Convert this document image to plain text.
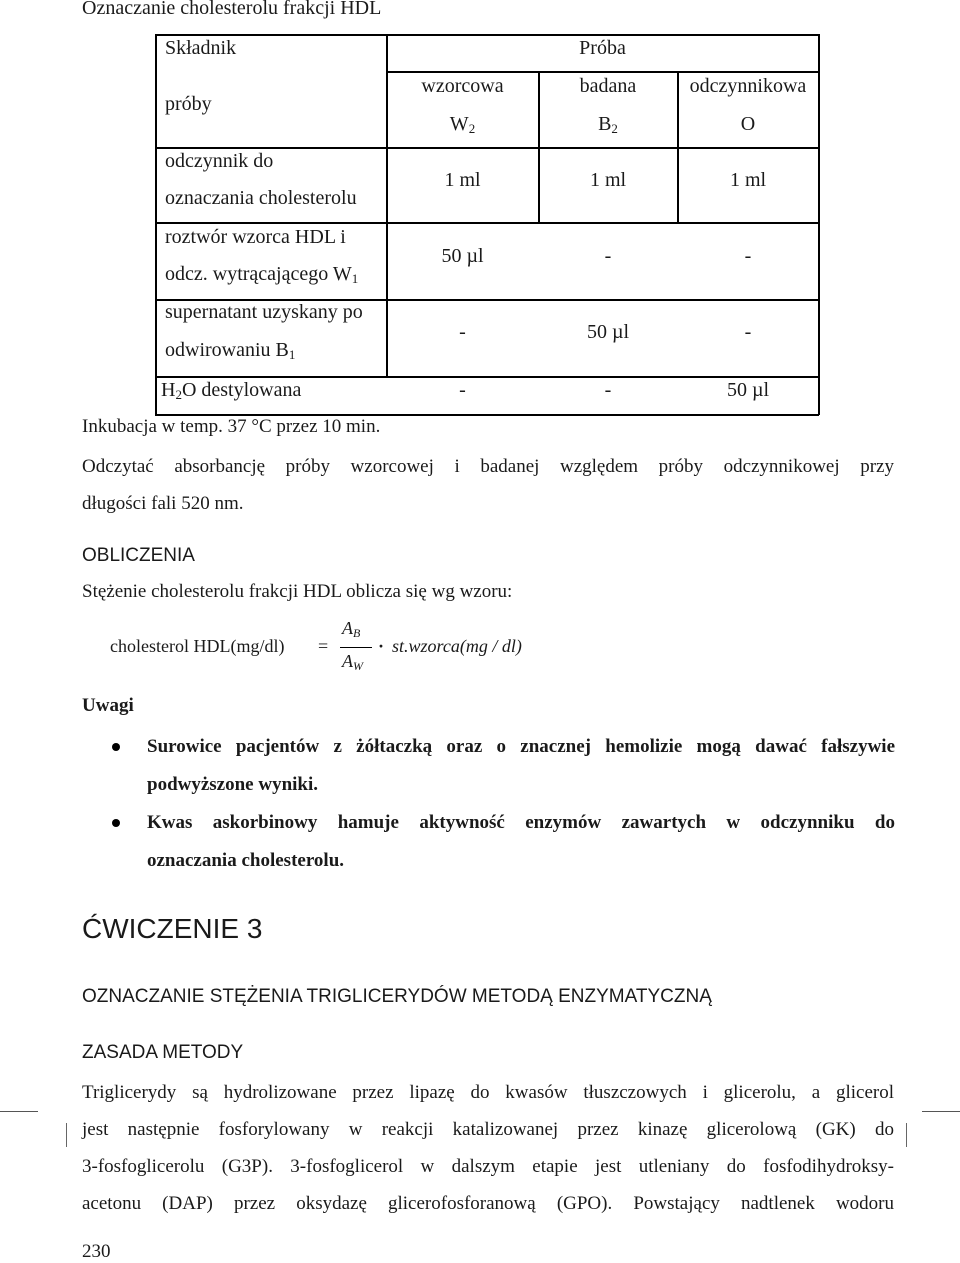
Oznaczanie cholesterolu frakcji HDL
Składnik
próby
Próba
wzorcowa	badana	odczynnikowa
$W_2$	$B_2$	O
odczynnik do
oznaczania cholesterolu
1 ml	1 ml	1 ml
roztwór wzorca HDL i
odcz. wytrącającego $W_1$
50 µl	-	-
supernatant uzyskany po
odwirowaniu $B_1$
-	50 µl	-
$H_2O$ destylowana	-	-	50 µl
Inkubacja w temp. 37 °C przez 10 min.
Odczytać absorbancję próby wzorcowej i badanej względem próby odczynnikowej przy
długości fali 520 nm.
OBLICZENIA
Stężenie cholesterolu frakcji HDL oblicza się wg wzoru:
cholesterol HDL(mg/dl) =
$A_B$
$A_W$
· st.wzorca(mg / dl)
Uwagi
Surowice pacjentów z żółtaczką oraz o znacznej hemolizie mogą dawać fałszywie
podwyższone wyniki.
Kwas askorbinowy hamuje aktywność enzymów zawartych w odczynniku do
oznaczania cholesterolu.
ĆWICZENIE 3
OZNACZANIE STĘŻENIA TRIGLICERYDÓW METODĄ ENZYMATYCZNĄ
ZASADA METODY
Triglicerydy są hydrolizowane przez lipazę do kwasów tłuszczowych i glicerolu, a glicerol
jest następnie fosforylowany w reakcji katalizowanej przez kinazę glicerolową (GK) do
3-fosfoglicerolu (G3P). 3-fosfoglicerol w dalszym etapie jest utleniany do fosfodihydroksy-
acetonu (DAP) przez oksydazę glicerofosforanową (GPO). Powstający nadtlenek wodoru
230
